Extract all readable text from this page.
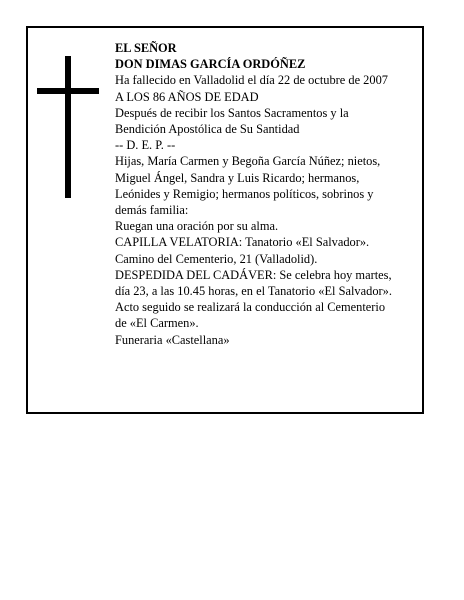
EL SEÑOR

DON DIMAS GARCÍA ORDÓÑEZ

Ha fallecido en Valladolid el día 22 de octubre de 2007

A LOS 86 AÑOS DE EDAD

Después de recibir los Santos Sacramentos y la

Bendición Apostólica de Su Santidad

-- D. E. P. --

Hijas, María Carmen y Begoña García Núñez; nietos,

Miguel Ángel, Sandra y Luis Ricardo; hermanos,

Leónides y Remigio; hermanos políticos, sobrinos y

demás familia:

Ruegan una oración por su alma.

CAPILLA VELATORIA: Tanatorio «El Salvador».

Camino del Cementerio, 21 (Valladolid).

DESPEDIDA DEL CADÁVER: Se celebra hoy martes,

día 23, a las 10.45 horas, en el Tanatorio «El Salvador».

Acto seguido se realizará la conducción al Cementerio

de «El Carmen».

Funeraria «Castellana»
